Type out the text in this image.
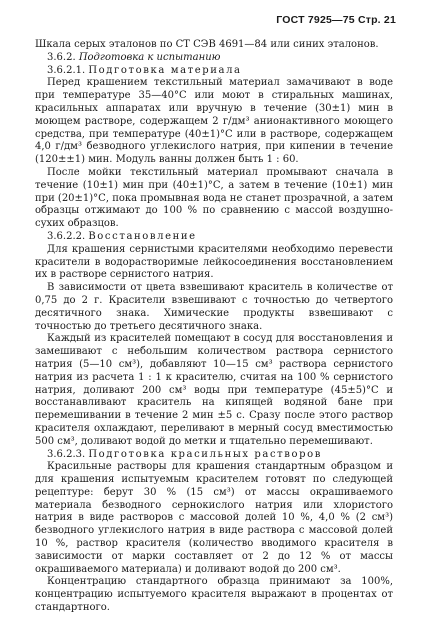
ГОСТ 7925—75 Стр. 21

Шкала серых эталонов по СТ СЭВ 4691—84 или синих эталонов.

3.6.2. Подготовка к испытанию

3.6.2.1. Подготовка материала

Перед крашением текстильный материал замачивают в воде при температуре 35—40°С или моют в стиральных машинах, красильных аппаратах или вручную в течение (30±1) мин в моющем растворе, содержащем 2 г/дм³ анионактивного моющего средства, при температуре (40±1)°С или в растворе, содержащем 4,0 г/дм³ безводного углекислого натрия, при кипении в течение (120±±1) мин. Модуль ванны должен быть 1 : 60.

После мойки текстильный материал промывают сначала в течение (10±1) мин при (40±1)°С, а затем в течение (10±1) мин при (20±1)°С, пока промывная вода не станет прозрачной, а затем образцы отжимают до 100 % по сравнению с массой воздушно-сухих образцов.

3.6.2.2. Восстановление

Для крашения сернистыми красителями необходимо перевести красители в водорастворимые лейкосоединения восстановлением их в растворе сернистого натрия.

В зависимости от цвета взвешивают краситель в количестве от 0,75 до 2 г. Красители взвешивают с точностью до четвертого десятичного знака. Химические продукты взвешивают с точностью до третьего десятичного знака.

Каждый из красителей помещают в сосуд для восстановления и замешивают с небольшим количеством раствора сернистого натрия (5—10 см³), добавляют 10—15 см³ раствора сернистого натрия из расчета 1 : 1 к красителю, считая на 100 % сернистого натрия, доливают 200 см³ воды при температуре (45±5)°С и восстанавливают краситель на кипящей водяной бане при перемешивании в течение 2 мин ±5 с. Сразу после этого раствор красителя охлаждают, переливают в мерный сосуд вместимостью 500 см³, доливают водой до метки и тщательно перемешивают.

3.6.2.3. Подготовка красильных растворов

Красильные растворы для крашения стандартным образцом и для крашения испытуемым красителем готовят по следующей рецептуре: берут 30 % (15 см³) от массы окрашиваемого материала безводного сернокислого натрия или хлористого натрия в виде растворов с массовой долей 10 %, 4,0 % (2 см³) безводного углекислого натрия в виде раствора с массовой долей 10 %, раствор красителя (количество вводимого красителя в зависимости от марки составляет от 2 до 12 % от массы окрашиваемого материала) и доливают водой до 200 см³.

Концентрацию стандартного образца принимают за 100%, концентрацию испытуемого красителя выражают в процентах от стандартного.
